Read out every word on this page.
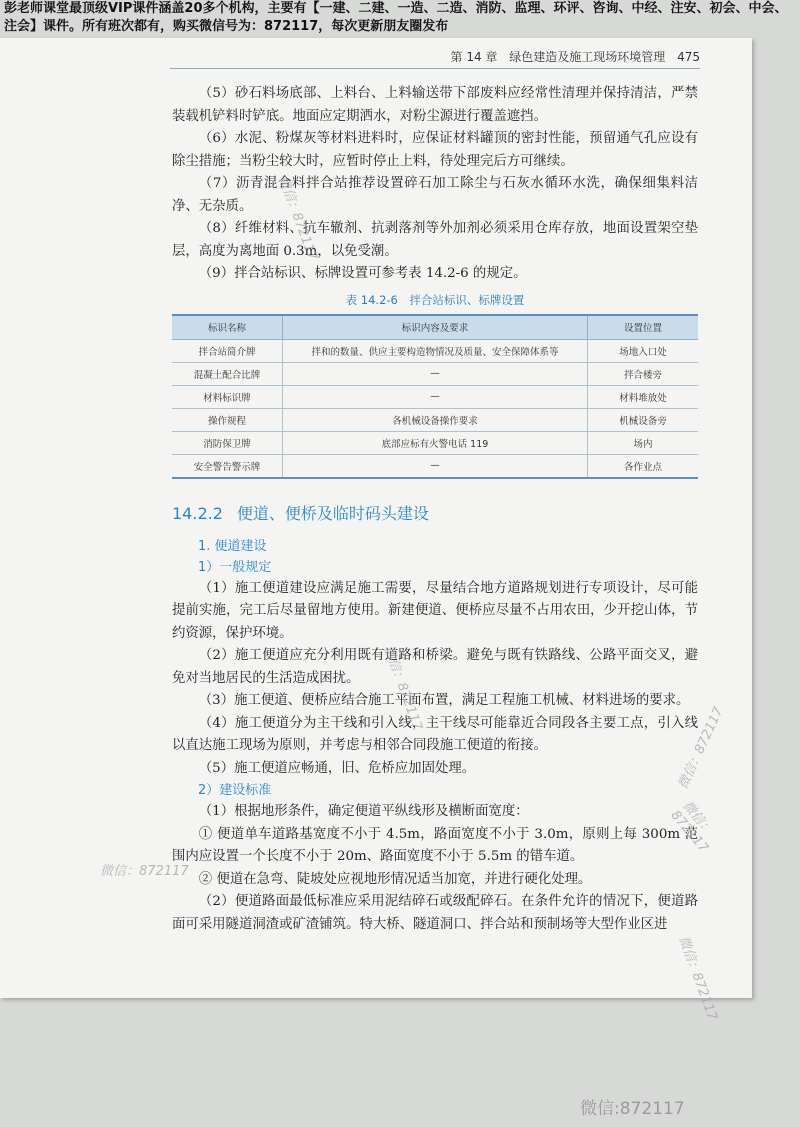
彭老师课堂最顶级VIP课件涵盖20多个机构，主要有【一建、二建、一造、二造、消防、监理、环评、咨询、中经、注安、初会、中会、注会】课件。所有班次都有，购买微信号为：872117，每次更新朋友圈发布
第 14 章 绿色建造及施工现场环境管理 475

（5）砂石料场底部、上料台、上料输送带下部废料应经常性清理并保持清洁，严禁装载机铲料时铲底。地面应定期洒水，对粉尘源进行覆盖遮挡。

（6）水泥、粉煤灰等材料进料时，应保证材料罐顶的密封性能，预留通气孔应设有除尘措施；当粉尘较大时，应暂时停止上料，待处理完后方可继续。

（7）沥青混合料拌合站推荐设置碎石加工除尘与石灰水循环水洗，确保细集料洁净、无杂质。

（8）纤维材料、抗车辙剂、抗剥落剂等外加剂必须采用仓库存放，地面设置架空垫层，高度为离地面 0.3m，以免受潮。

（9）拌合站标识、标牌设置可参考表 14.2-6 的规定。

表 14.2-6　拌合站标识、标牌设置
标识名称	标识内容及要求	设置位置
拌合站简介牌	拌和的数量、供应主要构造物情况及质量、安全保障体系等	场地入口处
混凝土配合比牌	—	拌合楼旁
材料标识牌	—	材料堆放处
操作规程	各机械设备操作要求	机械设备旁
消防保卫牌	底部应标有火警电话 119	场内
安全警告警示牌	—	各作业点
14.2.2 便道、便桥及临时码头建设
1. 便道建设
1）一般规定

（1）施工便道建设应满足施工需要，尽量结合地方道路规划进行专项设计，尽可能提前实施，完工后尽量留地方使用。新建便道、便桥应尽量不占用农田，少开挖山体，节约资源，保护环境。

（2）施工便道应充分利用既有道路和桥梁。避免与既有铁路线、公路平面交叉，避免对当地居民的生活造成困扰。

（3）施工便道、便桥应结合施工平面布置，满足工程施工机械、材料进场的要求。

（4）施工便道分为主干线和引入线，主干线尽可能靠近合同段各主要工点，引入线以直达施工现场为原则，并考虑与相邻合同段施工便道的衔接。

（5）施工便道应畅通，旧、危桥应加固处理。

2）建设标准

（1）根据地形条件，确定便道平纵线形及横断面宽度：

① 便道单车道路基宽度不小于 4.5m，路面宽度不小于 3.0m，原则上每 300m 范围内应设置一个长度不小于 20m、路面宽度不小于 5.5m 的错车道。

② 便道在急弯、陡坡处应视地形情况适当加宽，并进行硬化处理。

（2）便道路面最低标准应采用泥结碎石或级配碎石。在条件允许的情况下，便道路面可采用隧道洞渣或矿渣铺筑。特大桥、隧道洞口、拌合站和预制场等大型作业区进

微信：872117
微信：872117
微信：872117
微信：872117
微信：872117
微信：872117
微信:872117
